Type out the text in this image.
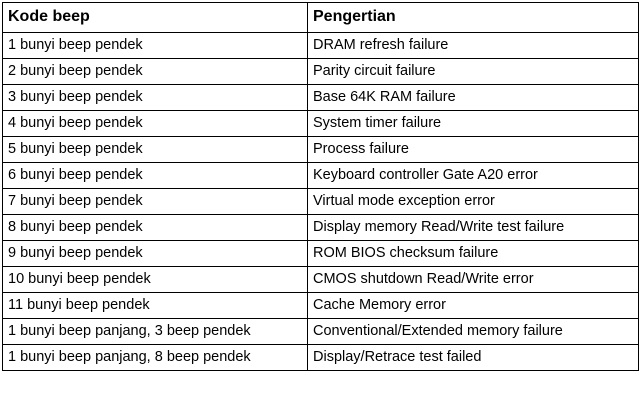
Kode beep	Pengertian
1 bunyi beep pendek	DRAM refresh failure
2 bunyi beep pendek	Parity circuit failure
3 bunyi beep pendek	Base 64K RAM failure
4 bunyi beep pendek	System timer failure
5 bunyi beep pendek	Process failure
6 bunyi beep pendek	Keyboard controller Gate A20 error
7 bunyi beep pendek	Virtual mode exception error
8 bunyi beep pendek	Display memory Read/Write test failure
9 bunyi beep pendek	ROM BIOS checksum failure
10 bunyi beep pendek	CMOS shutdown Read/Write error
11 bunyi beep pendek	Cache Memory error
1 bunyi beep panjang, 3 beep pendek	Conventional/Extended memory failure
1 bunyi beep panjang, 8 beep pendek	Display/Retrace test failed
